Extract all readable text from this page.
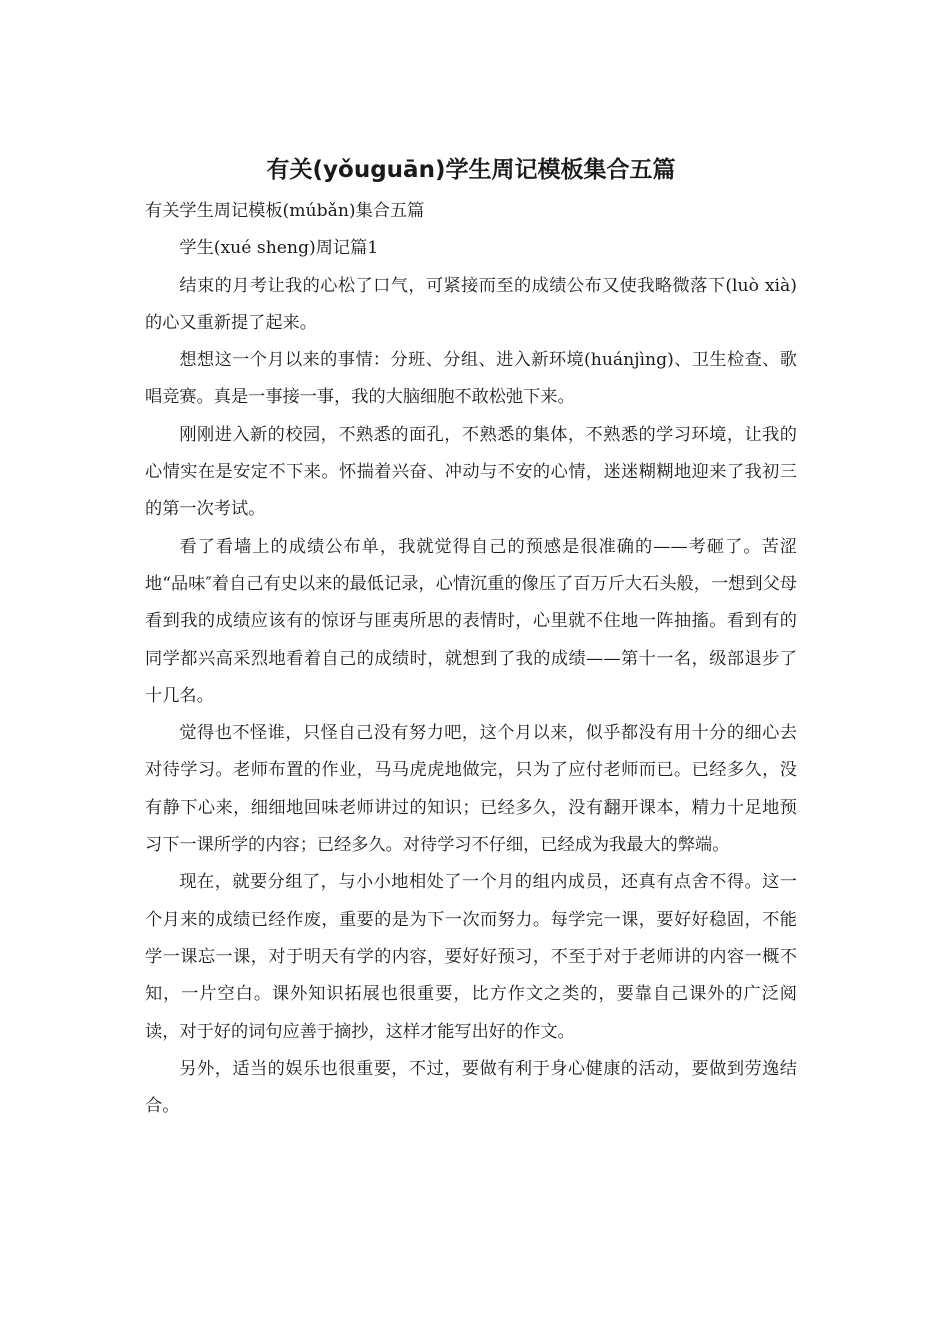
有关(yǒuguān)学生周记模板集合五篇

有关学生周记模板(múbǎn)集合五篇

学生(xué sheng)周记篇1

结束的月考让我的心松了口气，可紧接而至的成绩公布又使我略微落下(luò xià)的心又重新提了起来。

想想这一个月以来的事情：分班、分组、进入新环境(huánjìng)、卫生检查、歌唱竞赛。真是一事接一事，我的大脑细胞不敢松弛下来。

刚刚进入新的校园，不熟悉的面孔，不熟悉的集体，不熟悉的学习环境，让我的心情实在是安定不下来。怀揣着兴奋、冲动与不安的心情，迷迷糊糊地迎来了我初三的第一次考试。

看了看墙上的成绩公布单，我就觉得自己的预感是很准确的——考砸了。苦涩地“品味″着自己有史以来的最低记录，心情沉重的像压了百万斤大石头般，一想到父母看到我的成绩应该有的惊讶与匪夷所思的表情时，心里就不住地一阵抽搐。看到有的同学都兴高采烈地看着自己的成绩时，就想到了我的成绩——第十一名，级部退步了十几名。

觉得也不怪谁，只怪自己没有努力吧，这个月以来，似乎都没有用十分的细心去对待学习。老师布置的作业，马马虎虎地做完，只为了应付老师而已。已经多久，没有静下心来，细细地回味老师讲过的知识；已经多久，没有翻开课本，精力十足地预习下一课所学的内容；已经多久。对待学习不仔细，已经成为我最大的弊端。

现在，就要分组了，与小小地相处了一个月的组内成员，还真有点舍不得。这一个月来的成绩已经作废，重要的是为下一次而努力。每学完一课，要好好稳固，不能学一课忘一课，对于明天有学的内容，要好好预习，不至于对于老师讲的内容一概不知，一片空白。课外知识拓展也很重要，比方作文之类的，要靠自己课外的广泛阅读，对于好的词句应善于摘抄，这样才能写出好的作文。

另外，适当的娱乐也很重要，不过，要做有利于身心健康的活动，要做到劳逸结合。
